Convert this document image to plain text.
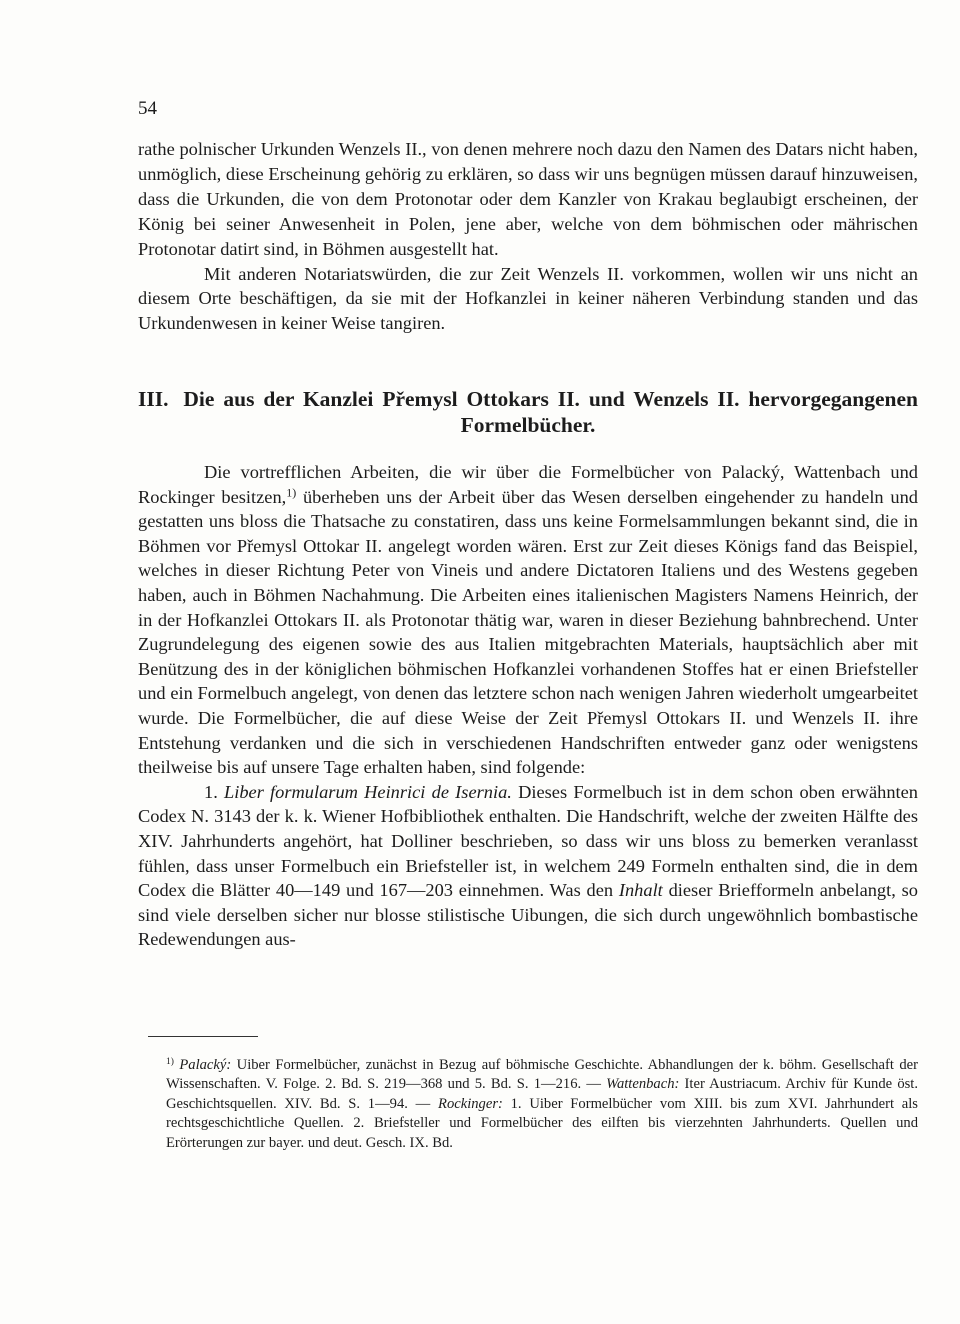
54

rathe polnischer Urkunden Wenzels II., von denen mehrere noch dazu den Namen des Datars nicht haben, unmöglich, diese Erscheinung gehörig zu erklären, so dass wir uns begnügen müssen darauf hinzuweisen, dass die Urkunden, die von dem Protonotar oder dem Kanzler von Krakau beglaubigt erscheinen, der König bei seiner Anwesenheit in Polen, jene aber, welche von dem böhmischen oder mährischen Protonotar datirt sind, in Böhmen ausgestellt hat.

Mit anderen Notariatswürden, die zur Zeit Wenzels II. vorkommen, wollen wir uns nicht an diesem Orte beschäftigen, da sie mit der Hofkanzlei in keiner näheren Verbindung standen und das Urkundenwesen in keiner Weise tangiren.

III. Die aus der Kanzlei Přemysl Ottokars II. und Wenzels II. hervorgegangenen Formelbücher.

Die vortrefflichen Arbeiten, die wir über die Formelbücher von Palacký, Wattenbach und Rockinger besitzen,$^{1)}$ überheben uns der Arbeit über das Wesen derselben eingehender zu handeln und gestatten uns bloss die Thatsache zu constatiren, dass uns keine Formelsammlungen bekannt sind, die in Böhmen vor Přemysl Ottokar II. angelegt worden wären. Erst zur Zeit dieses Königs fand das Beispiel, welches in dieser Richtung Peter von Vineis und andere Dictatoren Italiens und des Westens gegeben haben, auch in Böhmen Nachahmung. Die Arbeiten eines italienischen Magisters Namens Heinrich, der in der Hofkanzlei Ottokars II. als Protonotar thätig war, waren in dieser Beziehung bahnbrechend. Unter Zugrundelegung des eigenen sowie des aus Italien mitgebrachten Materials, hauptsächlich aber mit Benützung des in der königlichen böhmischen Hofkanzlei vorhandenen Stoffes hat er einen Briefsteller und ein Formelbuch angelegt, von denen das letztere schon nach wenigen Jahren wiederholt umgearbeitet wurde. Die Formelbücher, die auf diese Weise der Zeit Přemysl Ottokars II. und Wenzels II. ihre Entstehung verdanken und die sich in verschiedenen Handschriften entweder ganz oder wenigstens theilweise bis auf unsere Tage erhalten haben, sind folgende:

1. Liber formularum Heinrici de Isernia. Dieses Formelbuch ist in dem schon oben erwähnten Codex N. 3143 der k. k. Wiener Hofbibliothek enthalten. Die Handschrift, welche der zweiten Hälfte des XIV. Jahrhunderts angehört, hat Dolliner beschrieben, so dass wir uns bloss zu bemerken veranlasst fühlen, dass unser Formelbuch ein Briefsteller ist, in welchem 249 Formeln enthalten sind, die in dem Codex die Blätter 40—149 und 167—203 einnehmen. Was den Inhalt dieser Briefformeln anbelangt, so sind viele derselben sicher nur blosse stilistische Uibungen, die sich durch ungewöhnlich bombastische Redewendungen aus-

$^{1)}$ Palacký: Uiber Formelbücher, zunächst in Bezug auf böhmische Geschichte. Abhandlungen der k. böhm. Gesellschaft der Wissenschaften. V. Folge. 2. Bd. S. 219—368 und 5. Bd. S. 1—216. — Wattenbach: Iter Austriacum. Archiv für Kunde öst. Geschichtsquellen. XIV. Bd. S. 1—94. — Rockinger: 1. Uiber Formelbücher vom XIII. bis zum XVI. Jahrhundert als rechtsgeschichtliche Quellen. 2. Briefsteller und Formelbücher des eilften bis vierzehnten Jahrhunderts. Quellen und Erörterungen zur bayer. und deut. Gesch. IX. Bd.
